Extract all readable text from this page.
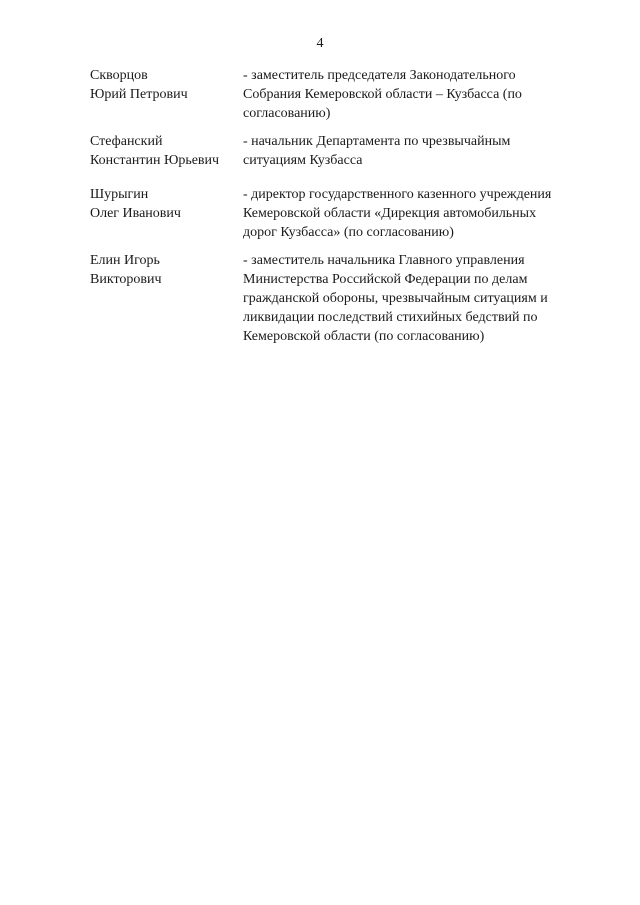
4
Скворцов
Юрий Петрович
- заместитель председателя Законодательного
Собрания Кемеровской области – Кузбасса (по
согласованию)
Стефанский
Константин Юрьевич
- начальник Департамента по чрезвычайным
ситуациям Кузбасса
Шурыгин
Олег Иванович
- директор государственного казенного учреждения
Кемеровской области «Дирекция автомобильных
дорог Кузбасса» (по согласованию)
Елин Игорь
Викторович
- заместитель начальника Главного управления
Министерства Российской Федерации по делам
гражданской обороны, чрезвычайным ситуациям и
ликвидации последствий стихийных бедствий по
Кемеровской области (по согласованию)
